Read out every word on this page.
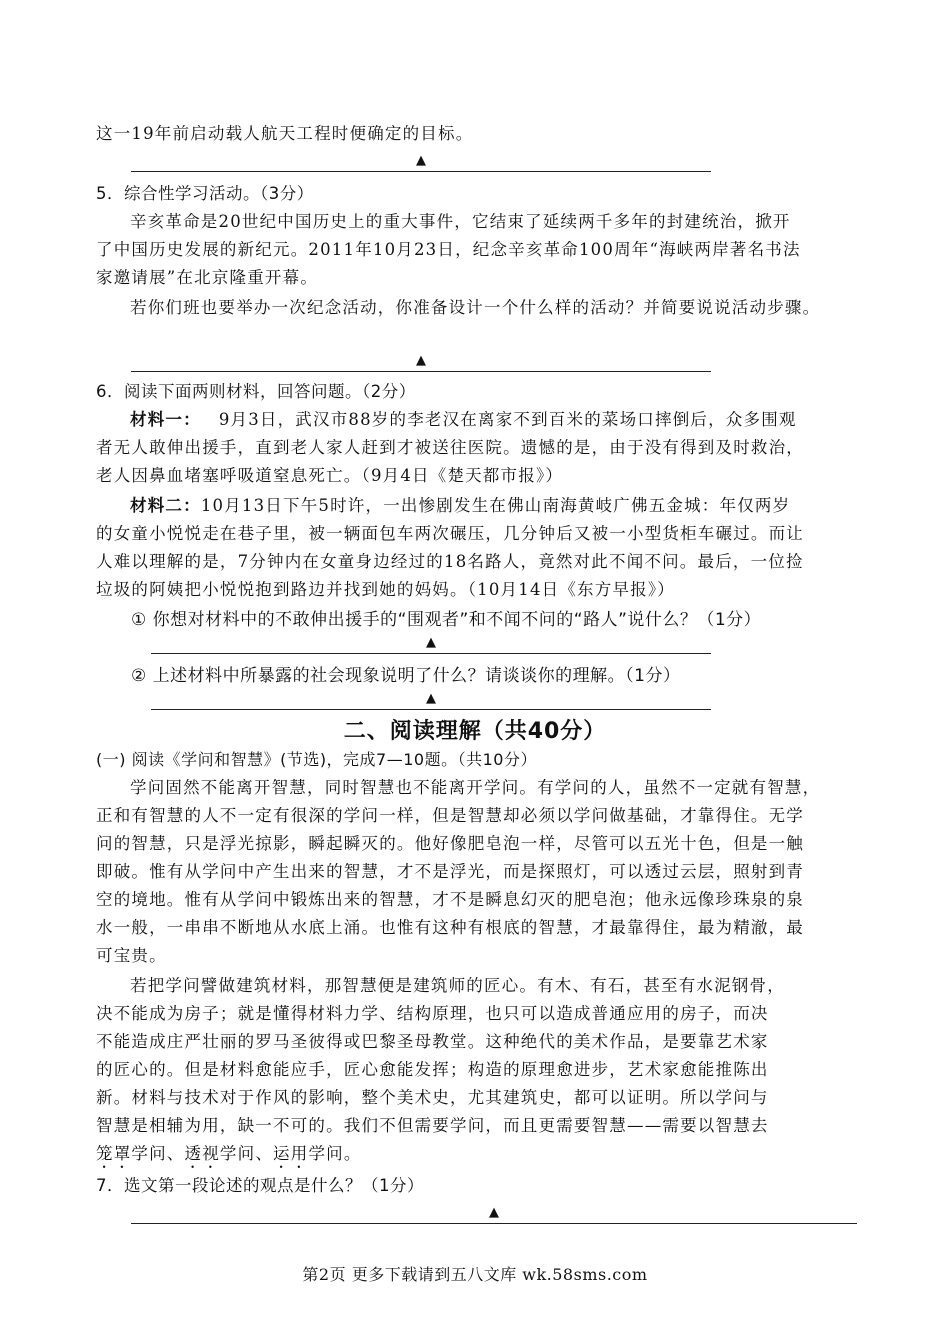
这一19年前启动载人航天工程时便确定的目标。
▲
5．综合性学习活动。（3分）
辛亥革命是20世纪中国历史上的重大事件，它结束了延续两千多年的封建统治，掀开
了中国历史发展的新纪元。2011年10月23日，纪念辛亥革命100周年“海峡两岸著名书法
家邀请展”在北京隆重开幕。
若你们班也要举办一次纪念活动，你准备设计一个什么样的活动？并简要说说活动步骤。
▲
6．阅读下面两则材料，回答问题。（2分）
材料一： 9月3日，武汉市88岁的李老汉在离家不到百米的菜场口摔倒后，众多围观
者无人敢伸出援手，直到老人家人赶到才被送往医院。遗憾的是，由于没有得到及时救治，
老人因鼻血堵塞呼吸道窒息死亡。（9月4日《楚天都市报》）
材料二：10月13日下午5时许，一出惨剧发生在佛山南海黄岐广佛五金城：年仅两岁
的女童小悦悦走在巷子里，被一辆面包车两次碾压，几分钟后又被一小型货柜车碾过。而让
人难以理解的是，7分钟内在女童身边经过的18名路人，竟然对此不闻不问。最后，一位捡
垃圾的阿姨把小悦悦抱到路边并找到她的妈妈。（10月14日《东方早报》）
① 你想对材料中的不敢伸出援手的“围观者”和不闻不问的“路人”说什么？（1分）
▲
② 上述材料中所暴露的社会现象说明了什么？请谈谈你的理解。（1分）
▲
二、阅读理解（共40分）
(一) 阅读《学问和智慧》(节选)，完成7—10题。（共10分）
学问固然不能离开智慧，同时智慧也不能离开学问。有学问的人，虽然不一定就有智慧，
正和有智慧的人不一定有很深的学问一样，但是智慧却必须以学问做基础，才靠得住。无学
问的智慧，只是浮光掠影，瞬起瞬灭的。他好像肥皂泡一样，尽管可以五光十色，但是一触
即破。惟有从学问中产生出来的智慧，才不是浮光，而是探照灯，可以透过云层，照射到青
空的境地。惟有从学问中锻炼出来的智慧，才不是瞬息幻灭的肥皂泡；他永远像珍珠泉的泉
水一般，一串串不断地从水底上涌。也惟有这种有根底的智慧，才最靠得住，最为精澈，最
可宝贵。
若把学问譬做建筑材料，那智慧便是建筑师的匠心。有木、有石，甚至有水泥钢骨，
决不能成为房子；就是懂得材料力学、结构原理，也只可以造成普通应用的房子，而决
不能造成庄严壮丽的罗马圣彼得或巴黎圣母教堂。这种绝代的美术作品，是要靠艺术家
的匠心的。但是材料愈能应手，匠心愈能发挥；构造的原理愈进步，艺术家愈能推陈出
新。材料与技术对于作风的影响，整个美术史，尤其建筑史，都可以证明。所以学问与
智慧是相辅为用，缺一不可的。我们不但需要学问，而且更需要智慧——需要以智慧去
笼罩学问、透视学问、运用学问。
7．选文第一段论述的观点是什么？（1分）
▲
第2页 更多下载请到五八文库 wk.58sms.com
